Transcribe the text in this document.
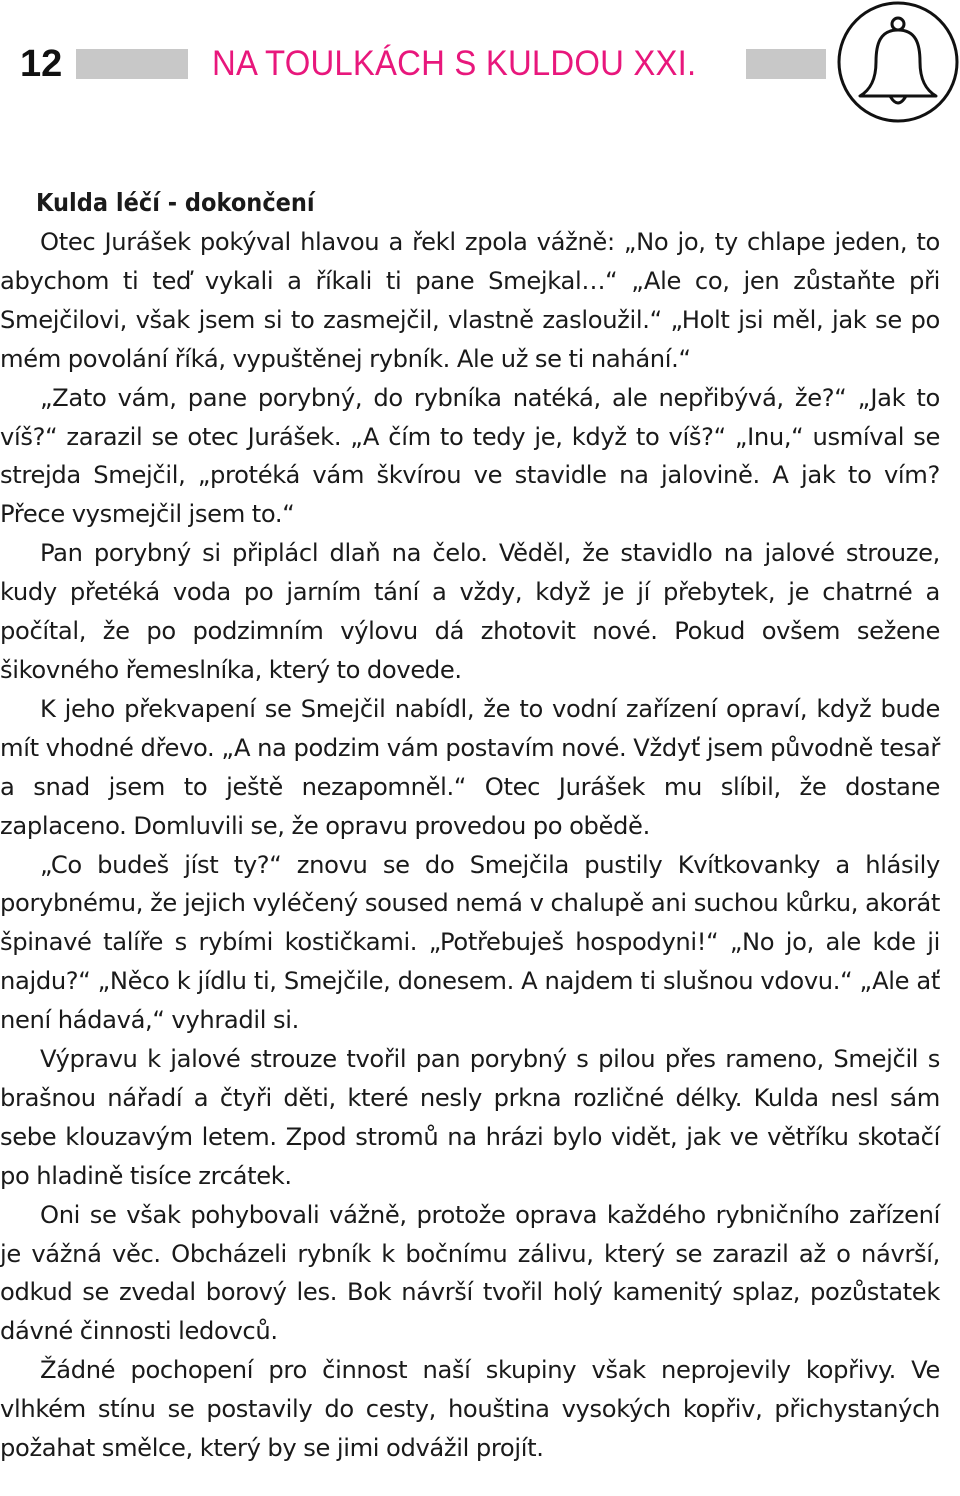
12	NA TOULKÁCH S KULDOU XXI.
Kulda léčí - dokončení

Otec Jurášek pokýval hlavou a řekl zpola vážně: „No jo, ty chlape jeden, to abychom ti teď vykali a říkali ti pane Smejkal…“ „Ale co, jen zůstaňte při Smejčilovi, však jsem si to zasmejčil, vlastně zasloužil.“ „Holt jsi měl, jak se po mém povolání říká, vypuštěnej rybník. Ale už se ti nahání.“

„Zato vám, pane porybný, do rybníka natéká, ale nepřibývá, že?“ „Jak to víš?“ zarazil se otec Jurášek. „A čím to tedy je, když to víš?“ „Inu,“ usmíval se strejda Smejčil, „protéká vám škvírou ve stavidle na jalovině. A jak to vím? Přece vysmejčil jsem to.“

Pan porybný si připlácl dlaň na čelo. Věděl, že stavidlo na jalové strouze, kudy přetéká voda po jarním tání a vždy, když je jí přebytek, je chatrné a počítal, že po podzimním výlovu dá zhotovit nové. Pokud ovšem sežene šikovného řemeslníka, který to dovede.

K jeho překvapení se Smejčil nabídl, že to vodní zařízení opraví, když bude mít vhodné dřevo. „A na podzim vám postavím nové. Vždyť jsem původně tesař a snad jsem to ještě nezapomněl.“ Otec Jurášek mu slíbil, že dostane zaplaceno. Domluvili se, že opravu provedou po obědě.

„Co budeš jíst ty?“ znovu se do Smejčila pustily Kvítkovanky a hlásily porybnému, že jejich vyléčený soused nemá v chalupě ani suchou kůrku, akorát špinavé talíře s rybími kostičkami. „Potřebuješ hospodyni!“ „No jo, ale kde ji najdu?“ „Něco k jídlu ti, Smejčile, donesem. A najdem ti slušnou vdovu.“ „Ale ať není hádavá,“ vyhradil si.

Výpravu k jalové strouze tvořil pan porybný s pilou přes rameno, Smejčil s brašnou nářadí a čtyři děti, které nesly prkna rozličné délky. Kulda nesl sám sebe klouzavým letem. Zpod stromů na hrázi bylo vidět, jak ve větříku skotačí po hladině tisíce zrcátek.

Oni se však pohybovali vážně, protože oprava každého rybničního zařízení je vážná věc. Obcházeli rybník k bočnímu zálivu, který se zarazil až o návrší, odkud se zvedal borový les. Bok návrší tvořil holý kamenitý splaz, pozůstatek dávné činnosti ledovců.

Žádné pochopení pro činnost naší skupiny však neprojevily kopřivy. Ve vlhkém stínu se postavily do cesty, houština vysokých kopřiv, přichystaných požahat smělce, který by se jimi odvážil projít.
